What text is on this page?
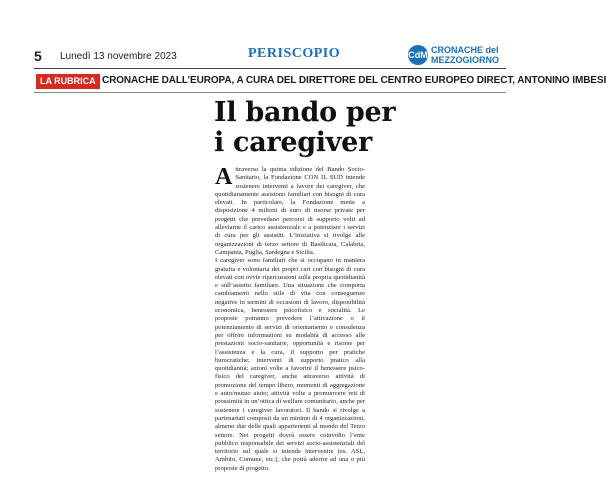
5 Lunedì 13 novembre 2023	PERISCOPIO	CdM CRONACHE del
MEZZOGIORNO
LA RUBRICA CRONACHE DALL’EUROPA, A CURA DEL DIRETTORE DEL CENTRO EUROPEO DIRECT, ANTONINO IMBESI
Il bando per
i caregiver

Attraverso la quinta edizione del Bando Socio-Sanitario, la Fondazione CON IL SUD intende sostenere interventi a favore dei caregiver, che quotidianamente assistono familiari con bisogni di cura elevati. In particolare, la Fondazione mette a disposizione 4 milioni di euro di risorse private per progetti che prevedano percorsi di supporto volti ad alleviarne il carico assistenziale e a potenziare i servizi di cura per gli assistiti. L’iniziativa si rivolge alle organizzazioni di terzo settore di Basilicata, Calabria, Campania, Puglia, Sardegna e Sicilia.

I caregiver sono familiari che si occupano in maniera gratuita e volontaria dei propri cari con bisogni di cura elevati con ovvie ripercussioni sulla propria quotidianità e sull’assetto familiare. Una situazione che comporta cambiamenti nello stile di vita con conseguenze negative in termini di occasioni di lavoro, disponibilità economica, benessere psicofisico e socialità. Le proposte potranno prevedere l’attivazione o il potenziamento di servizi di orientamento e consulenza per offrire informazioni su modalità di accesso alle prestazioni socio-sanitarie, opportunità e risorse per l’assistenza e la cura, il supporto per pratiche burocratiche; interventi di supporto pratico alla quotidianità; azioni volte a favorire il benessere psico-fisico del caregiver, anche attraverso attività di promozione del tempo libero, momenti di aggregazione e auto/mutuo aiuto; attività volte a promuovere reti di prossimità in un’ottica di welfare comunitario, anche per sostenere i caregiver lavoratori. Il bando si rivolge a partenariati composti da un minimo di 4 organizzazioni, almeno due delle quali appartenenti al mondo del Terzo settore. Nei progetti dovrà essere coinvolto l’ente pubblico responsabile dei servizi socio-assistenziali del territorio sul quale si intende intervenire (es. ASL, Ambito, Comune, etc.), che potrà aderire ad una o più proposte di progetto.
